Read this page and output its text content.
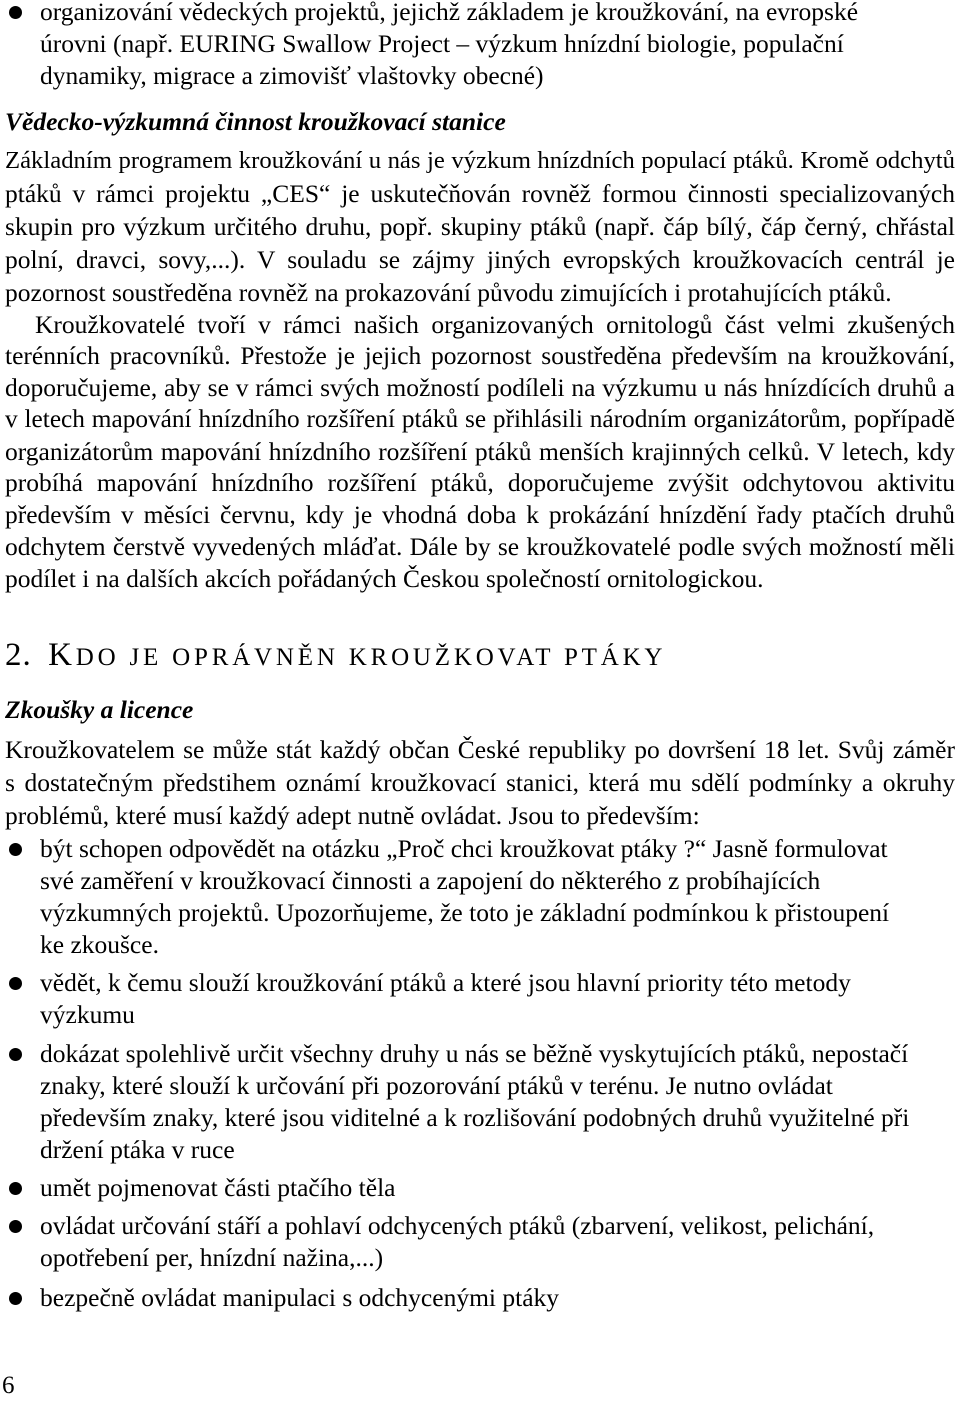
organizování vědeckých projektů, jejichž základem je kroužkování, na evropské
úrovni (např. EURING Swallow Project – výzkum hnízdní biologie, populační
dynamiky, migrace a zimovišť vlaštovky obecné)
Vědecko-výzkumná činnost kroužkovací stanice
Základním programem kroužkování u nás je výzkum hnízdních populací ptáků. Kromě odchytů
ptáků v rámci projektu „CES“ je uskutečňován rovněž formou činnosti specializovaných
skupin pro výzkum určitého druhu, popř. skupiny ptáků (např. čáp bílý, čáp černý, chřástal
polní, dravci, sovy,...). V souladu se zájmy jiných evropských kroužkovacích centrál je
pozornost soustředěna rovněž na prokazování původu zimujících i protahujících ptáků.
Kroužkovatelé tvoří v rámci našich organizovaných ornitologů část velmi zkušených
terénních pracovníků. Přestože je jejich pozornost soustředěna především na kroužkování,
doporučujeme, aby se v rámci svých možností podíleli na výzkumu u nás hnízdících druhů a
v letech mapování hnízdního rozšíření ptáků se přihlásili národním organizátorům, popřípadě
organizátorům mapování hnízdního rozšíření ptáků menších krajinných celků. V letech, kdy
probíhá mapování hnízdního rozšíření ptáků, doporučujeme zvýšit odchytovou aktivitu
především v měsíci červnu, kdy je vhodná doba k prokázání hnízdění řady ptačích druhů
odchytem čerstvě vyvedených mláďat. Dále by se kroužkovatelé podle svých možností měli
podílet i na dalších akcích pořádaných Českou společností ornitologickou.
2. KDO JE OPRÁVNĚN KROUŽKOVAT PTÁKY
Zkoušky a licence
Kroužkovatelem se může stát každý občan České republiky po dovršení 18 let. Svůj záměr
s dostatečným předstihem oznámí kroužkovací stanici, která mu sdělí podmínky a okruhy
problémů, které musí každý adept nutně ovládat. Jsou to především:
být schopen odpovědět na otázku „Proč chci kroužkovat ptáky ?“ Jasně formulovat
své zaměření v kroužkovací činnosti a zapojení do některého z probíhajících
výzkumných projektů. Upozorňujeme, že toto je základní podmínkou k přistoupení
ke zkoušce.
vědět, k čemu slouží kroužkování ptáků a které jsou hlavní priority této metody
výzkumu
dokázat spolehlivě určit všechny druhy u nás se běžně vyskytujících ptáků, nepostačí
znaky, které slouží k určování při pozorování ptáků v terénu. Je nutno ovládat
především znaky, které jsou viditelné a k rozlišování podobných druhů využitelné při
držení ptáka v ruce
umět pojmenovat části ptačího těla
ovládat určování stáří a pohlaví odchycených ptáků (zbarvení, velikost, pelichání,
opotřebení per, hnízdní nažina,...)
bezpečně ovládat manipulaci s odchycenými ptáky
6
